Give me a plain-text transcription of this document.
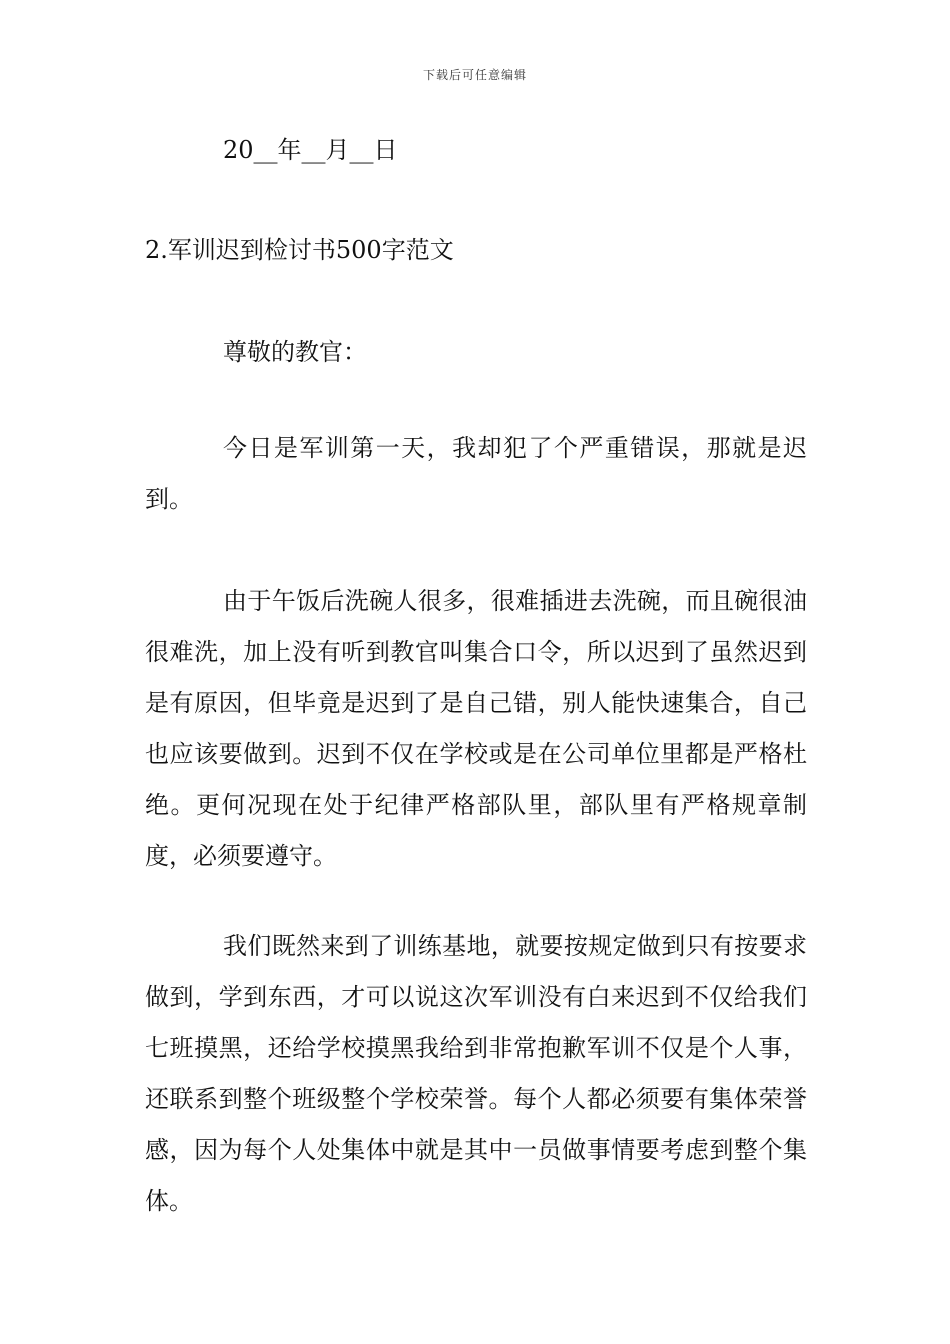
下载后可任意编辑
20__年__月__日
2.军训迟到检讨书500字范文
尊敬的教官：
今日是军训第一天，我却犯了个严重错误，那就是迟到。
由于午饭后洗碗人很多，很难插进去洗碗，而且碗很油很难洗，加上没有听到教官叫集合口令，所以迟到了虽然迟到是有原因，但毕竟是迟到了是自己错，别人能快速集合，自己也应该要做到。迟到不仅在学校或是在公司单位里都是严格杜绝。更何况现在处于纪律严格部队里，部队里有严格规章制度，必须要遵守。
我们既然来到了训练基地，就要按规定做到只有按要求做到，学到东西，才可以说这次军训没有白来迟到不仅给我们七班摸黑，还给学校摸黑我给到非常抱歉军训不仅是个人事，还联系到整个班级整个学校荣誉。每个人都必须要有集体荣誉感，因为每个人处集体中就是其中一员做事情要考虑到整个集体。
